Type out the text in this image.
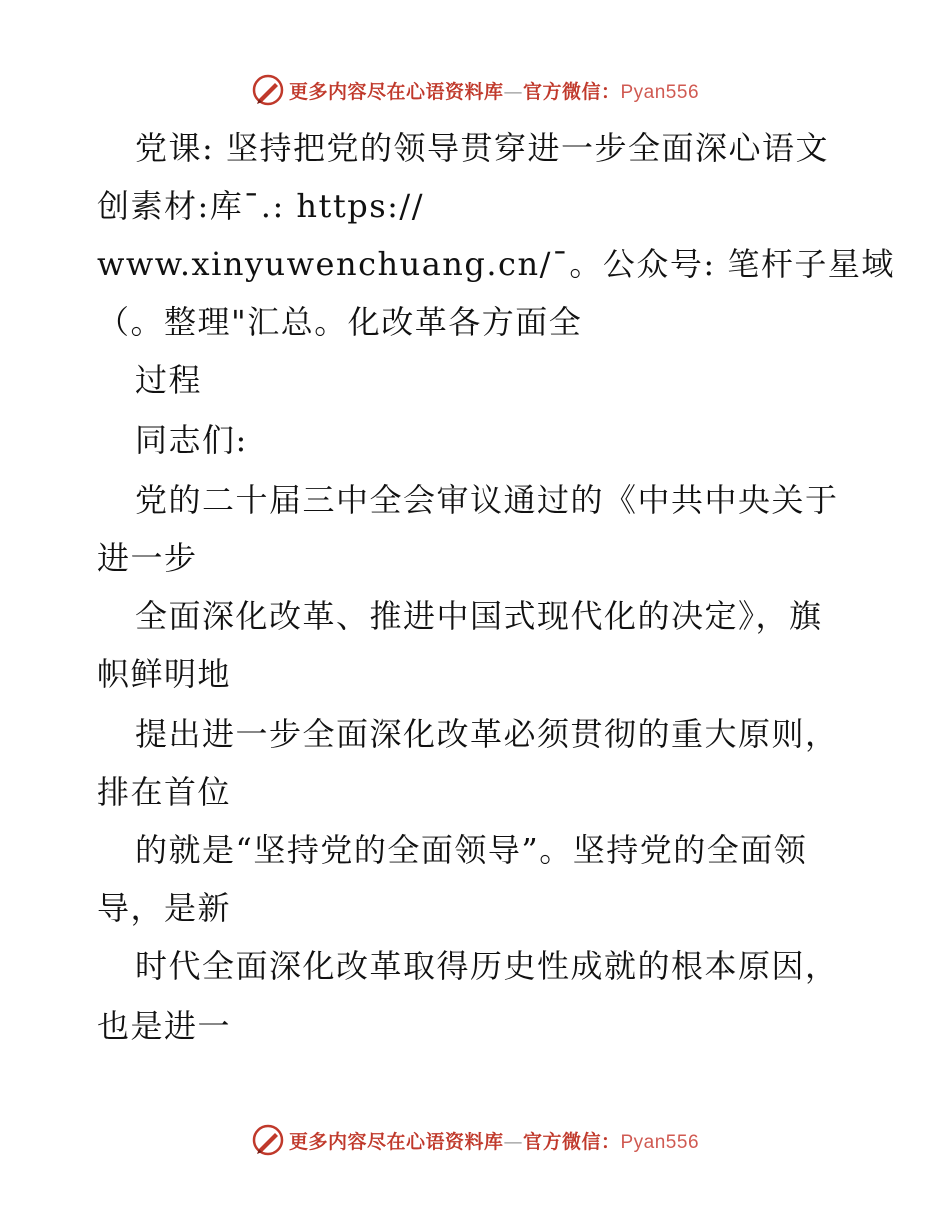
更多内容尽在心语资料库—官方微信：Pyan556
党课: 坚持把党的领导贯穿进一步全面深心语文
创素材:库¯.: https://
www.xinyuwenchuang.cn/¯。公众号: 笔杆子星域
（。整理"汇总。化改革各方面全
过程
同志们:
党的二十届三中全会审议通过的《中共中央关于
进一步
全面深化改革、推进中国式现代化的决定》，旗
帜鲜明地
提出进一步全面深化改革必须贯彻的重大原则，
排在首位
的就是“坚持党的全面领导”。坚持党的全面领
导，是新
时代全面深化改革取得历史性成就的根本原因，
也是进一
更多内容尽在心语资料库—官方微信：Pyan556
